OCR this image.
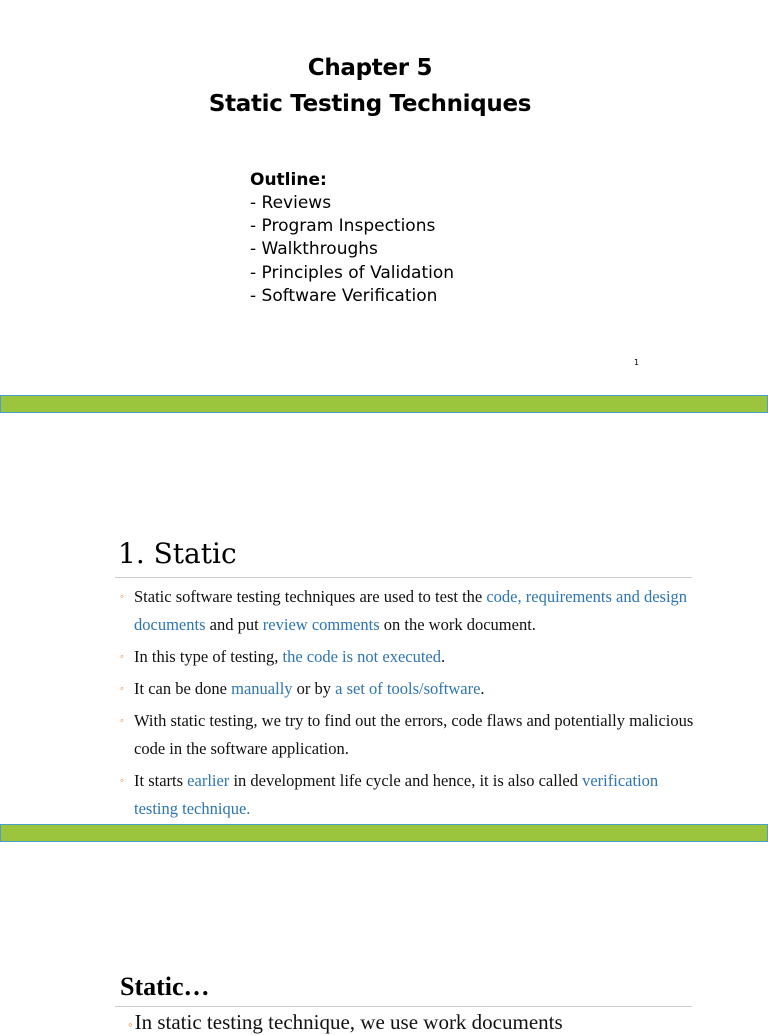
Chapter 5
Static Testing Techniques
Outline:
- Reviews
- Program Inspections
- Walkthroughs
- Principles of Validation
- Software Verification
1
1. Static
◦ Static software testing techniques are used to test the code, requirements and design documents and put review comments on the work document.
◦ In this type of testing, the code is not executed.
◦ It can be done manually or by a set of tools/software.
◦ With static testing, we try to find out the errors, code flaws and potentially malicious code in the software application.
◦ It starts earlier in development life cycle and hence, it is also called verification testing technique.
Static…
◦In static testing technique, we use work documents
